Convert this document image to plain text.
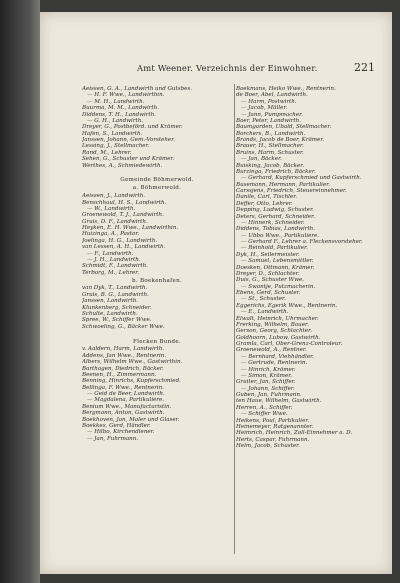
Amt Weener. Verzeichnis der Einwohner.	221
Aeissen, G. A., Landwirth und Gutsbes.
— H. F. Wwe., Landwirthin.
— M. H., Landwirth.
Buurma, M. M., Landwirth.
Diddens, T. H., Landwirth.
— G. H., Landwirth.
Dreyer, G., Postbeförd. und Krämer.
Hafen, S., Landwirth.
Janssen, Johann, Gem.-Vorsteher.
Lessing, J., Stellmacher.
Rand, M., Lehrer.
Sehen, G., Schuster und Krämer.
Werthes, A., Schmiedewirth.
Gemeinde Böhmerwold.
a. Böhmerwold.
Aeissen, J., Landwirth.
Benschhaul, H. S., Landwirth.
— W., Landwirth.
Groenewold, T. J., Landwirth.
Gruis, D. F., Landwirth.
Heyken, E. H. Wwe., Landwirthin.
Huizinga, A., Pastor.
Joelinga, H. G., Landwirth.
van Lessen, A. H., Landwirth.
— F., Landwirth.
— J. H., Landwirth.
Schmidt, F., Landwirth.
Terborg, M., Lehrer.
b. Boekenhafen.
van Dyk, T., Landwirth.
Gruis, B. G., Landwirth.
Janssen, Landwirth.
Klunkenberg, Schneider.
Schulte, Landwirth.
Spree, W., Schiffer Wwe.
Schwoeling, G., Bäcker Wwe.
Flecken Bunde.
v. Aaldern, Harm, Landwirth.
Addens, Jan Wwe., Rentnerin.
Albers, Wilhelm Wwe., Gastwirthin.
Barthagen, Diedrich, Bäcker.
Beenen, H., Zimmermann.
Benning, Hinrichs, Kupferschmied.
Bellinga, F. Wwe., Rentnerin.
— Geid de Beer, Landwirth.
— Magdalena, Partikulière.
Benium Wwe., Manufacturistin.
Bergmann, Anton, Gastwirth.
Boekhoven, Jan, Maler und Glaser.
Boekkes, Gerd, Händler.
— Hilbo, Kirchendiener.
— Jan, Fuhrmann.
Boekmans, Heiko Wwe., Rentnerin.
de Boer, Abel, Landwirth.
— Harm, Postwirth.
— Jacob, Müller.
— Jann, Pumpmacher.
Boer, Peter, Landwirth.
Baumgarden, Ubald, Stellmacher.
Borchers, B., Landwirth.
Brands, Jacob de Boer, Krämer.
Brauer, H., Stellmacher.
Bruins, Harm, Schuster.
— Jan, Bäcker.
Buisking, Jacob, Bäcker.
Burzinga, Friedrich, Bäcker.
— Gerhard, Kupferschmied und Gastwirth.
Busemann, Hermann, Partikulier.
Carssjens, Friedrich, Steuereinnehmer.
Danile, Carl, Tischler.
Deffer, Otto, Lehrer.
Depping, Ludwig, Schuster.
Deters, Gerhard, Schneider.
— Hinnerk, Schneider.
Diddens, Tobias, Landwirth.
— Ubbo Wwe., Partikulière.
— Gerhard F., Lehrer a. Fleckensvorsteher.
— Reinhold, Partikulier.
Dyk, H., Seilermeister.
— Samuel, Lebensmittler.
Doesken, Ottmann, Krämer.
Dreyer, D., Schlachter.
Duis, G., Schuster Wwe.
— Swantje, Putzmacherin.
Ebens, Gerd, Schuster.
— St., Schuster.
Eggerichs, Egerik Wwe., Rentnerin.
— E., Landwirth.
Elwalt, Heinrich, Uhrmacher.
Frerking, Wilhelm, Bauer.
Gerson, Georg, Schlachter.
Goldhoorn, Lubow, Gastwirth.
Gramla, Carl, Ober-Grenz-Controleur.
Groenewold, A., Rentner.
— Bernhard, Viehhändler.
— Gertrude, Rentnerin.
— Hinrich, Krämer.
— Simon, Krämer.
Gruiter, Jan, Schiffer.
— Johann, Schiffer.
Guben, Jan, Fuhrmann.
ten Haue, Wilhelm, Gastwirth.
Herren, A., Schiffer.
— Schiffer Wwe.
Heikens, Paul, Partikulier.
Heinemeyer, Ratgenannter.
Heimrich, Heinrich, Zoll-Einnehmer a. D.
Herts, Caspar, Fuhrmann.
Helm, Jacob, Schuster.
